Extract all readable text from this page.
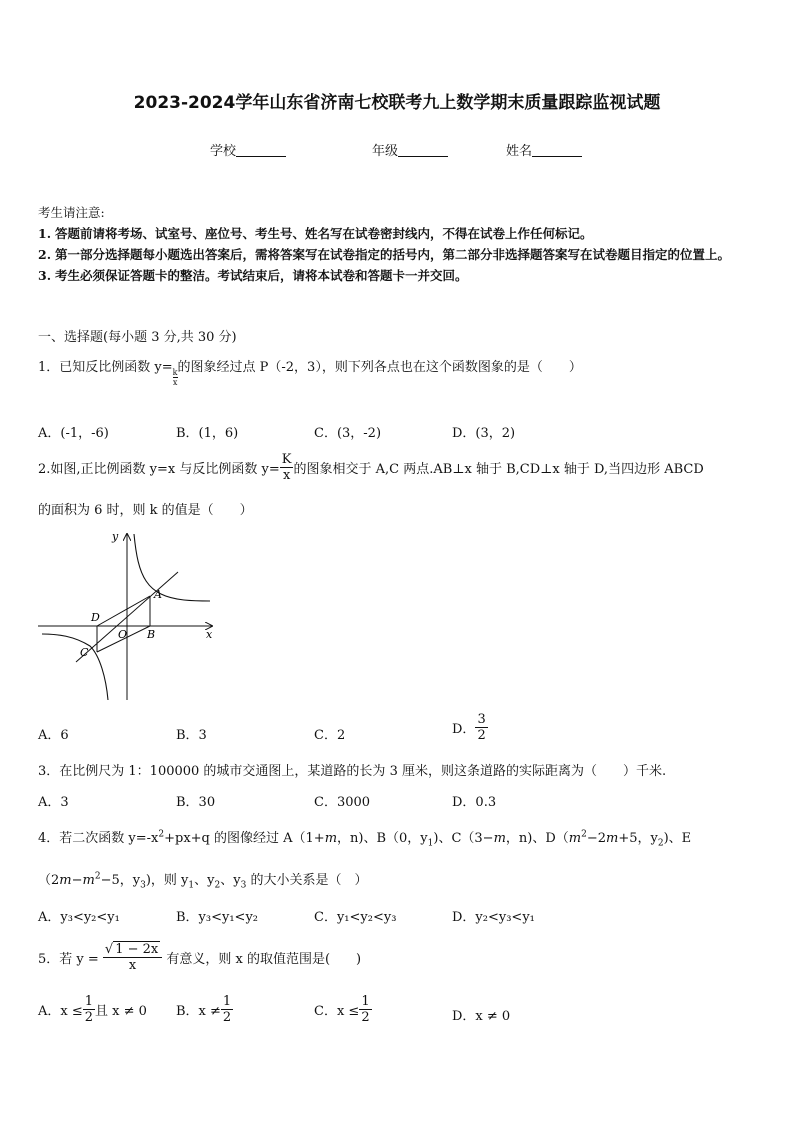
2023-2024学年山东省济南七校联考九上数学期末质量跟踪监视试题
学校	年级	姓名
考生请注意:
1. 答题前请将考场、试室号、座位号、考生号、姓名写在试卷密封线内，不得在试卷上作任何标记。
2. 第一部分选择题每小题选出答案后，需将答案写在试卷指定的括号内，第二部分非选择题答案写在试卷题目指定的位置上。
3. 考生必须保证答题卡的整洁。考试结束后，请将本试卷和答题卡一并交回。
一、选择题(每小题 3 分,共 30 分)
1．已知反比例函数 y=
$\frac{k}{x}$
的图象经过点 P（-2，3），则下列各点也在这个函数图象的是（　　）
A．(-1，-6)	B．(1，6)	C．(3，-2)	D．(3，2)
2.如图,正比例函数 y=x 与反比例函数 $y= \frac{K}{x}$ 的图象相交于 A,C 两点.AB⊥x 轴于 B,CD⊥x 轴于 D,当四边形 ABCD
的面积为 6 时，则 k 的值是（　　）
y
x
A
B
C
D
O
A．6	B．3	C．2	D． $\frac{3}{2}$
3．在比例尺为 1：100000 的城市交通图上，某道路的长为 3 厘米，则这条道路的实际距离为（　　）千米.
A．3	B．30	C．3000	D．0.3
4．若二次函数 $y=-x^2+px+q$ 的图像经过 A（1+m，n)、B（0，$y_1$)、C（3−m，n)、$D(m^2-2m+5$，$y_2$)、E
（$2m-m^2-5$，$y_3$)，则 $y_1$、$y_2$、$y_3$ 的大小关系是（　）
A．y₃<y₂<y₁	B．y₃<y₁<y₂	C．y₁<y₂<y₃	D．y₂<y₃<y₁
5．若 $y = \frac{√ 1 - 2x}{x}$ 有意义，则 x 的取值范围是(　　)
A．$x \le \frac{1}{2}$ 且 x ≠ 0 B．$x \ne \frac{1}{2}$	C．$x \le \frac{1}{2}$	D．x ≠ 0
